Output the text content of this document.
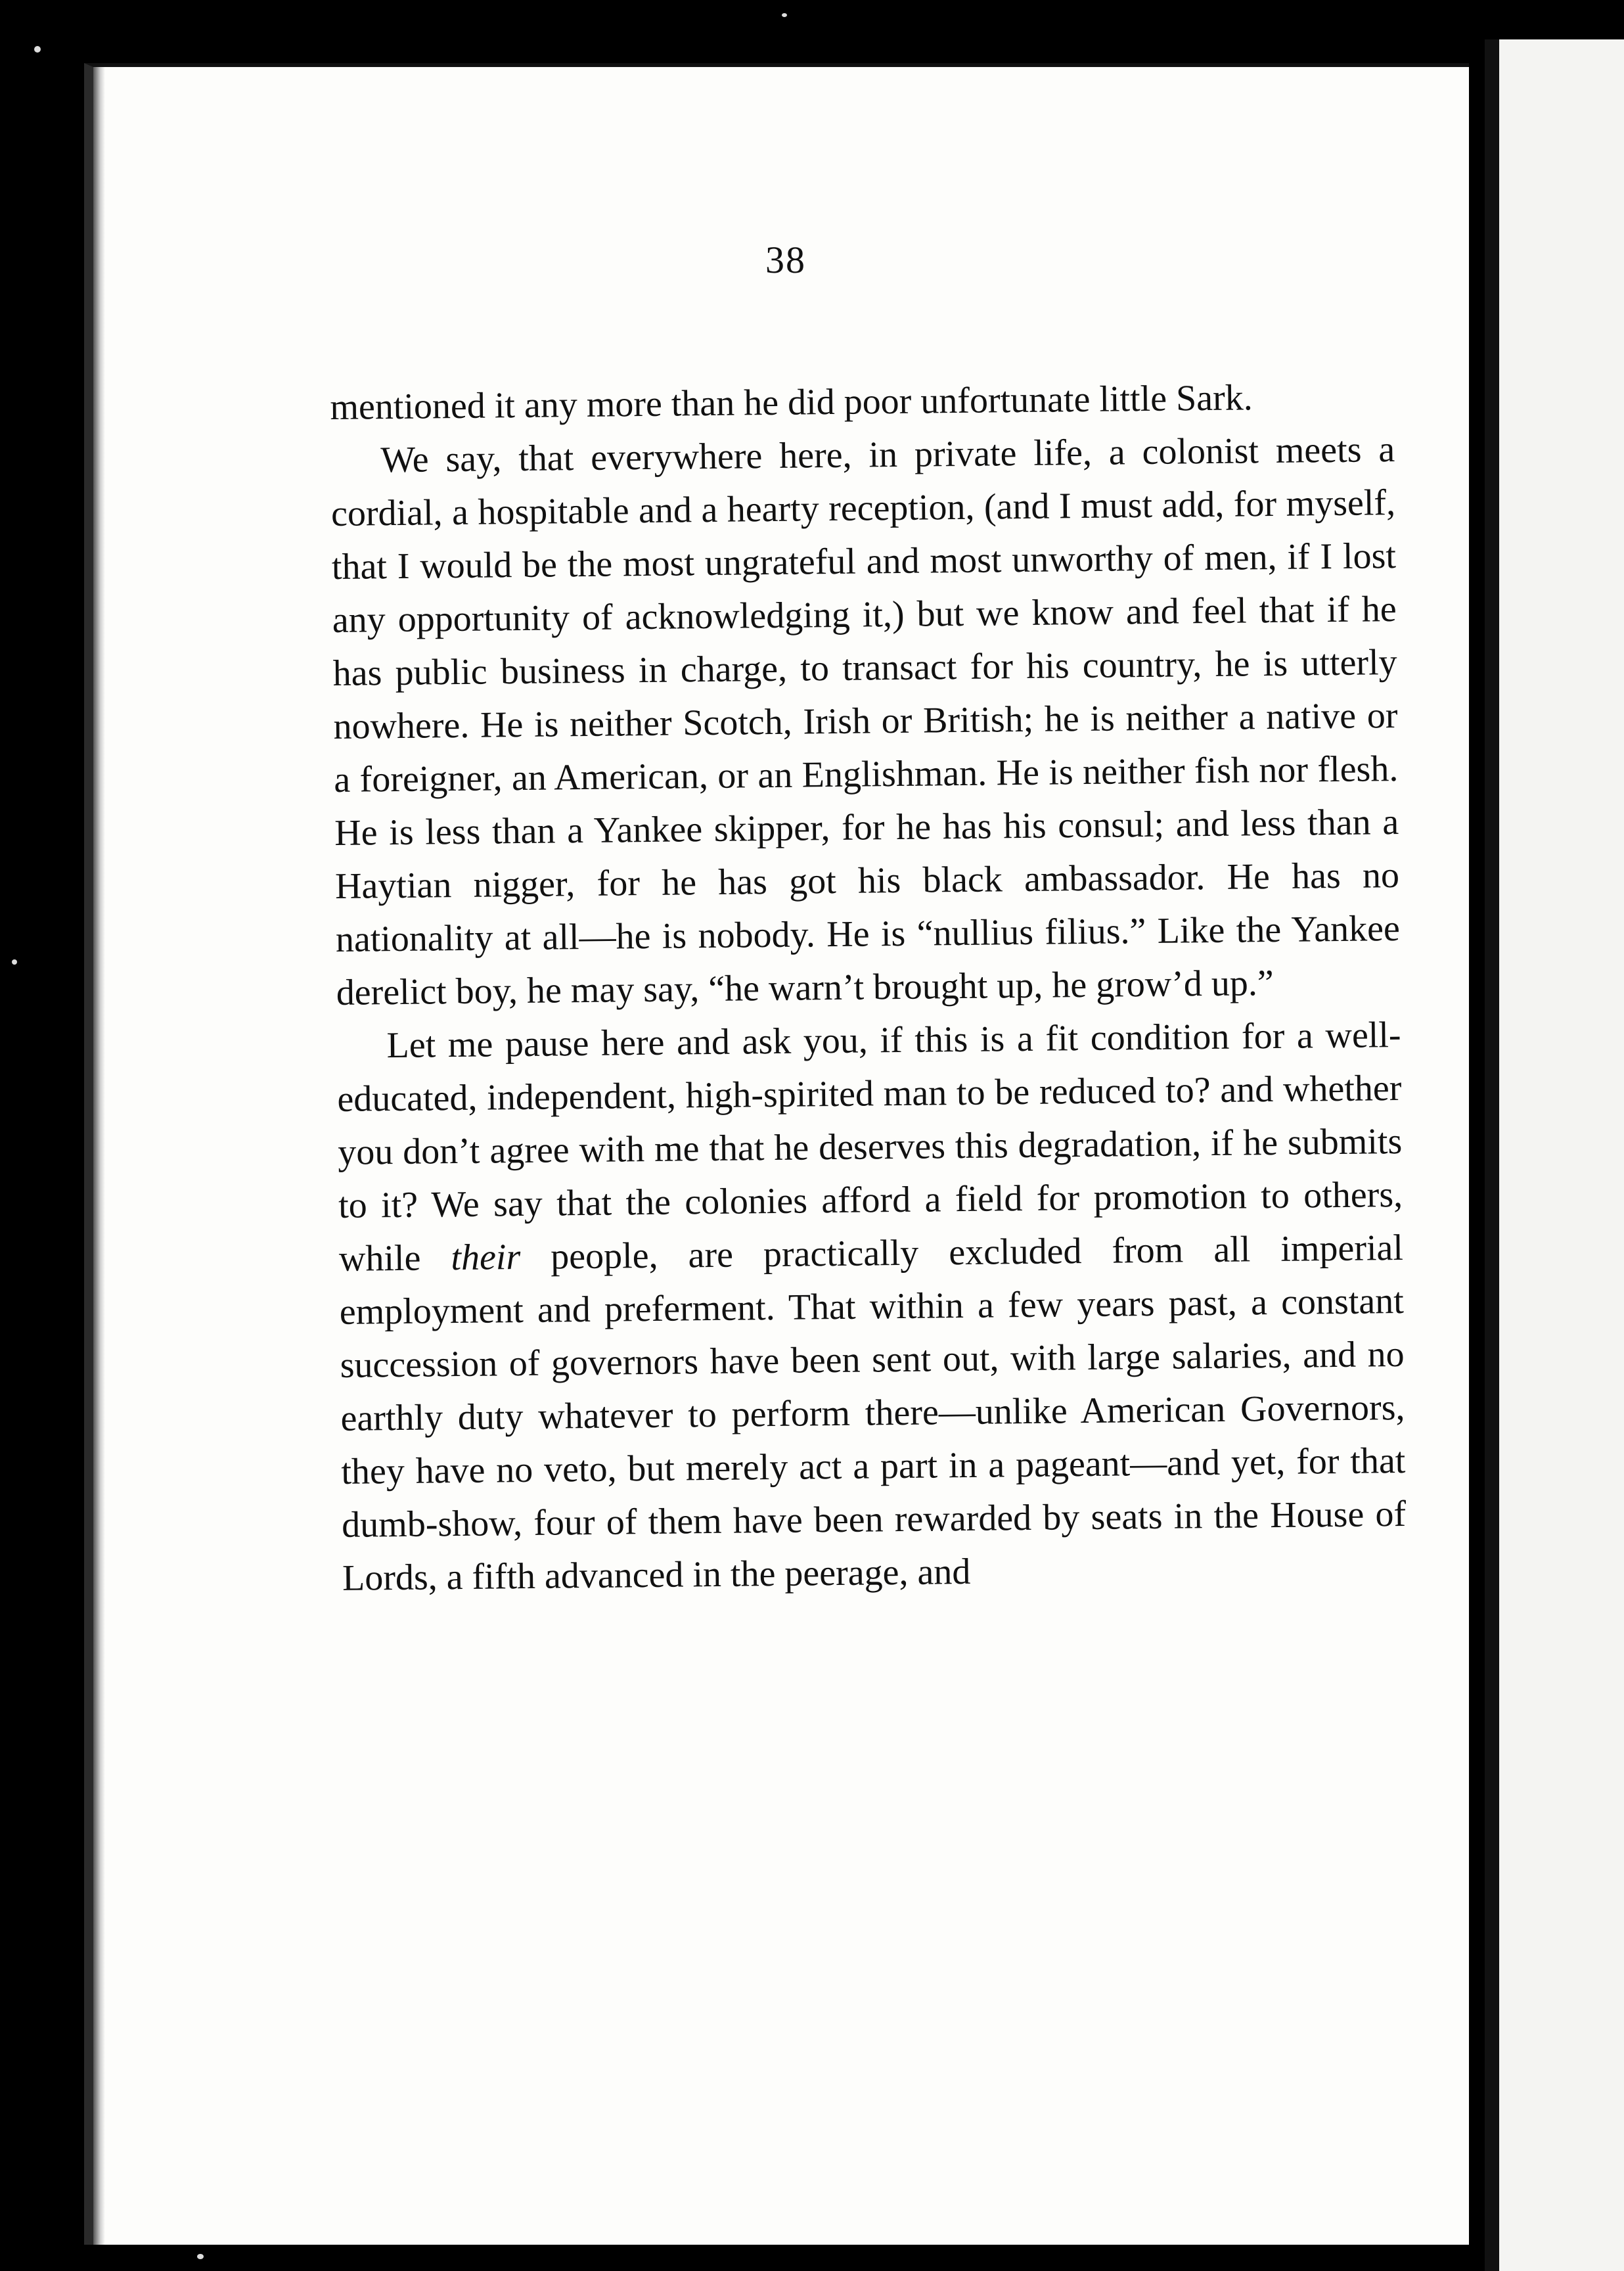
38

mentioned it any more than he did poor unfortunate little Sark.

We say, that everywhere here, in private life, a colonist meets a cordial, a hospitable and a hearty reception, (and I must add, for myself, that I would be the most ungrateful and most unworthy of men, if I lost any opportunity of acknowledging it,) but we know and feel that if he has public business in charge, to transact for his country, he is utterly nowhere. He is neither Scotch, Irish or British; he is neither a native or a foreigner, an American, or an Englishman. He is neither fish nor flesh. He is less than a Yankee skipper, for he has his consul; and less than a Haytian nigger, for he has got his black ambassador. He has no nationality at all—he is nobody. He is “nullius filius.” Like the Yankee derelict boy, he may say, “he warn’t brought up, he grow’d up.”

Let me pause here and ask you, if this is a fit condition for a well-educated, independent, high-spirited man to be reduced to? and whether you don’t agree with me that he deserves this degradation, if he submits to it? We say that the colonies afford a field for promotion to others, while their people, are practically excluded from all imperial employment and preferment. That within a few years past, a constant succession of governors have been sent out, with large salaries, and no earthly duty whatever to perform there—unlike American Governors, they have no veto, but merely act a part in a pageant—and yet, for that dumb-show, four of them have been rewarded by seats in the House of Lords, a fifth advanced in the peerage, and
